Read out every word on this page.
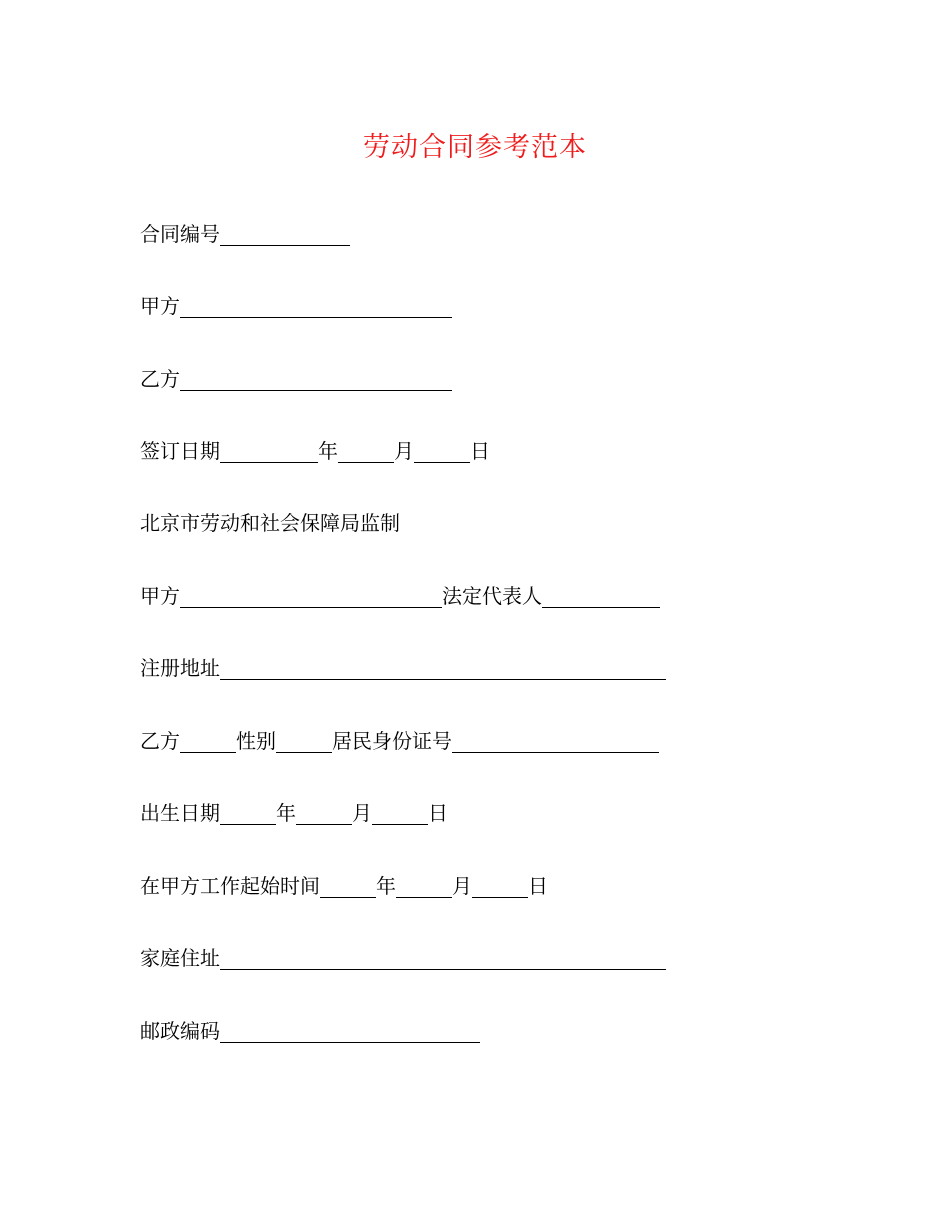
劳动合同参考范本
合同编号
甲方
乙方
签订日期	年	月	日
北京市劳动和社会保障局监制
甲方	法定代表人
注册地址
乙方	性别	居民身份证号
出生日期	年	月	日
在甲方工作起始时间	年	月	日
家庭住址
邮政编码
